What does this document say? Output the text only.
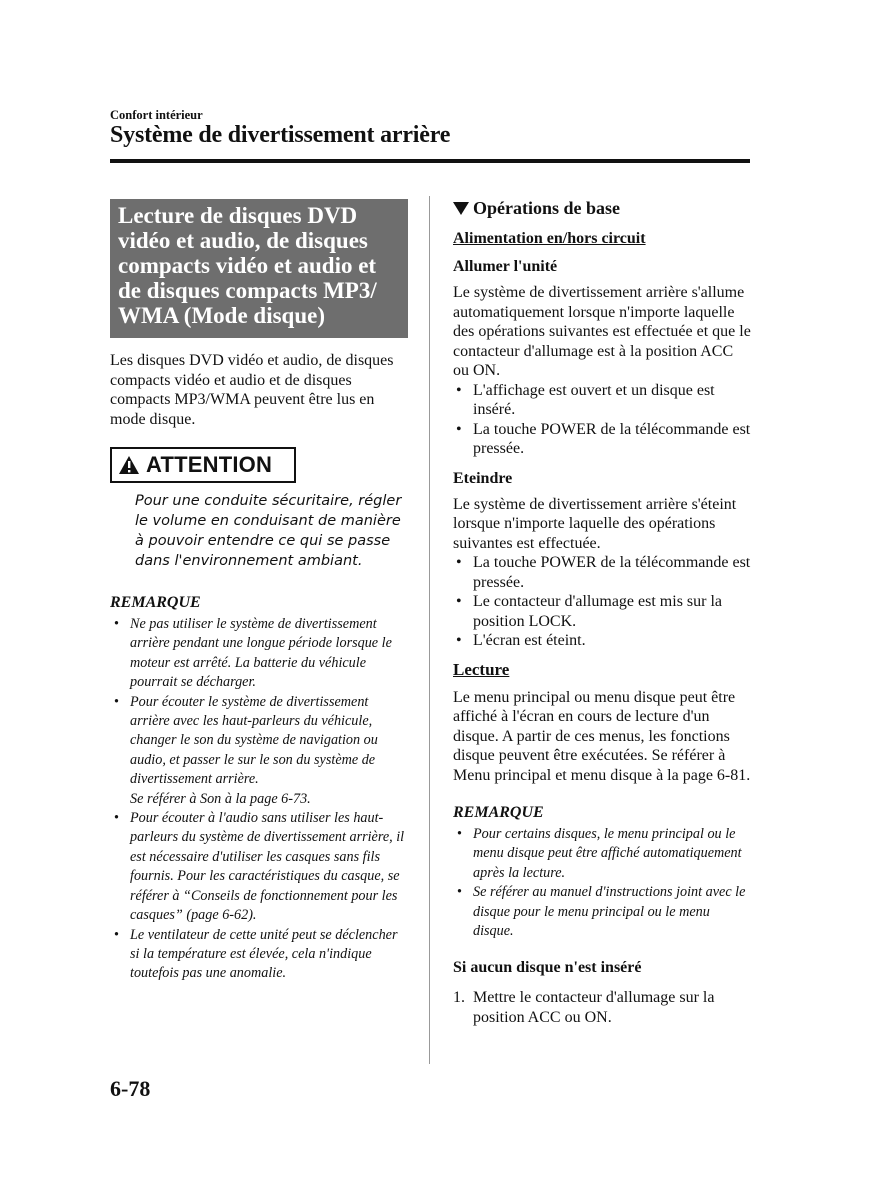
Confort intérieur
Système de divertissement arrière
Lecture de disques DVD vidéo et audio, de disques compacts vidéo et audio et de disques compacts MP3/ WMA (Mode disque)

Les disques DVD vidéo et audio, de disques compacts vidéo et audio et de disques compacts MP3/WMA peuvent être lus en mode disque.

ATTENTION
Pour une conduite sécuritaire, régler le volume en conduisant de manière à pouvoir entendre ce qui se passe dans l'environnement ambiant.
REMARQUE
• Ne pas utiliser le système de divertissement arrière pendant une longue période lorsque le moteur est arrêté. La batterie du véhicule pourrait se décharger.
• Pour écouter le système de divertissement arrière avec les haut-parleurs du véhicule, changer le son du système de navigation ou audio, et passer le sur le son du système de divertissement arrière.
Se référer à Son à la page 6-73.
• Pour écouter à l'audio sans utiliser les haut-parleurs du système de divertissement arrière, il est nécessaire d'utiliser les casques sans fils fournis. Pour les caractéristiques du casque, se référer à “Conseils de fonctionnement pour les casques” (page 6-62).
• Le ventilateur de cette unité peut se déclencher si la température est élevée, cela n'indique toutefois pas une anomalie.
Opérations de base
Alimentation en/hors circuit
Allumer l'unité

Le système de divertissement arrière s'allume automatiquement lorsque n'importe laquelle des opérations suivantes est effectuée et que le contacteur d'allumage est à la position ACC ou ON.

• L'affichage est ouvert et un disque est inséré.
• La touche POWER de la télécommande est pressée.
Eteindre

Le système de divertissement arrière s'éteint lorsque n'importe laquelle des opérations suivantes est effectuée.

• La touche POWER de la télécommande est pressée.
• Le contacteur d'allumage est mis sur la position LOCK.
• L'écran est éteint.
Lecture

Le menu principal ou menu disque peut être affiché à l'écran en cours de lecture d'un disque. A partir de ces menus, les fonctions disque peuvent être exécutées. Se référer à Menu principal et menu disque à la page 6-81.

REMARQUE
• Pour certains disques, le menu principal ou le menu disque peut être affiché automatiquement après la lecture.
• Se référer au manuel d'instructions joint avec le disque pour le menu principal ou le menu disque.
Si aucun disque n'est inséré
1. Mettre le contacteur d'allumage sur la position ACC ou ON.
6-78
